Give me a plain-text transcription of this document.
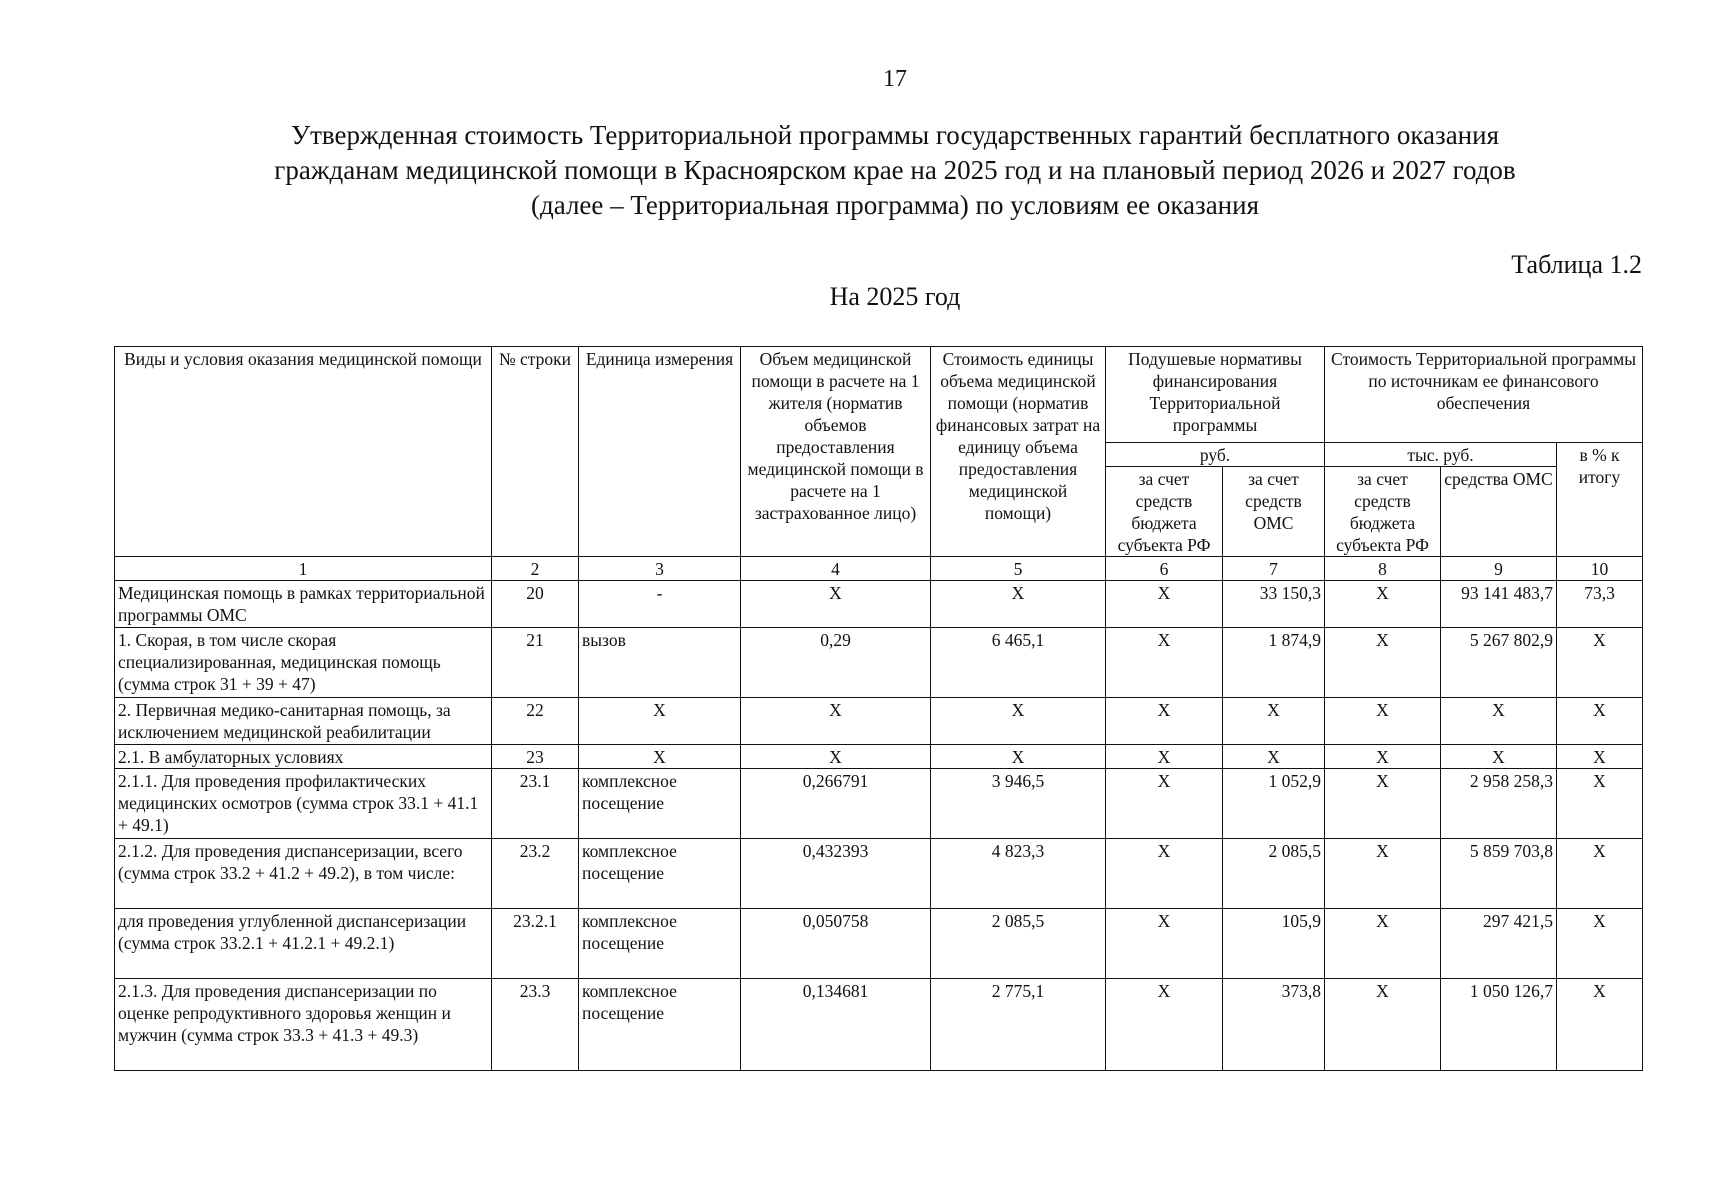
17
Утвержденная стоимость Территориальной программы государственных гарантий бесплатного оказания
гражданам медицинской помощи в Красноярском крае на 2025 год и на плановый период 2026 и 2027 годов
(далее – Территориальная программа) по условиям ее оказания
Таблица 1.2
На 2025 год
Виды и условия оказания медицинской помощи	№ строки	Единица измерения	Объем медицинской помощи в расчете на 1 жителя (норматив объемов предоставления медицинской помощи в расчете на 1 застрахованное лицо)	Стоимость единицы объема медицинской помощи (норматив финансовых затрат на единицу объема предоставления медицинской помощи)	Подушевые нормативы финансирования Территориальной программы		Стоимость Территориальной программы по источникам ее финансового обеспечения		
					руб.		тыс. руб.		в % к итогу
					за счет средств бюджета субъекта РФ	за счет средств ОМС	за счет средств бюджета субъекта РФ	средства ОМС	
1	2	3	4	5	6	7	8	9	10
Медицинская помощь в рамках территориальной программы ОМС	20	-	X	X	X	33 150,3	X	93 141 483,7	73,3
1. Скорая, в том числе скорая специализированная, медицинская помощь (сумма строк 31 + 39 + 47)	21	вызов	0,29	6 465,1	X	1 874,9	X	5 267 802,9	X
2. Первичная медико-санитарная помощь, за исключением медицинской реабилитации	22	X	X	X	X	X	X	X	X
2.1. В амбулаторных условиях	23	X	X	X	X	X	X	X	X
2.1.1. Для проведения профилактических медицинских осмотров (сумма строк 33.1 + 41.1 + 49.1)	23.1	комплексное посещение	0,266791	3 946,5	X	1 052,9	X	2 958 258,3	X
2.1.2. Для проведения диспансеризации, всего (сумма строк 33.2 + 41.2 + 49.2), в том числе:	23.2	комплексное посещение	0,432393	4 823,3	X	2 085,5	X	5 859 703,8	X
для проведения углубленной диспансеризации (сумма строк 33.2.1 + 41.2.1 + 49.2.1)	23.2.1	комплексное посещение	0,050758	2 085,5	X	105,9	X	297 421,5	X
2.1.3. Для проведения диспансеризации по оценке репродуктивного здоровья женщин и мужчин (сумма строк 33.3 + 41.3 + 49.3)	23.3	комплексное посещение	0,134681	2 775,1	X	373,8	X	1 050 126,7	X
